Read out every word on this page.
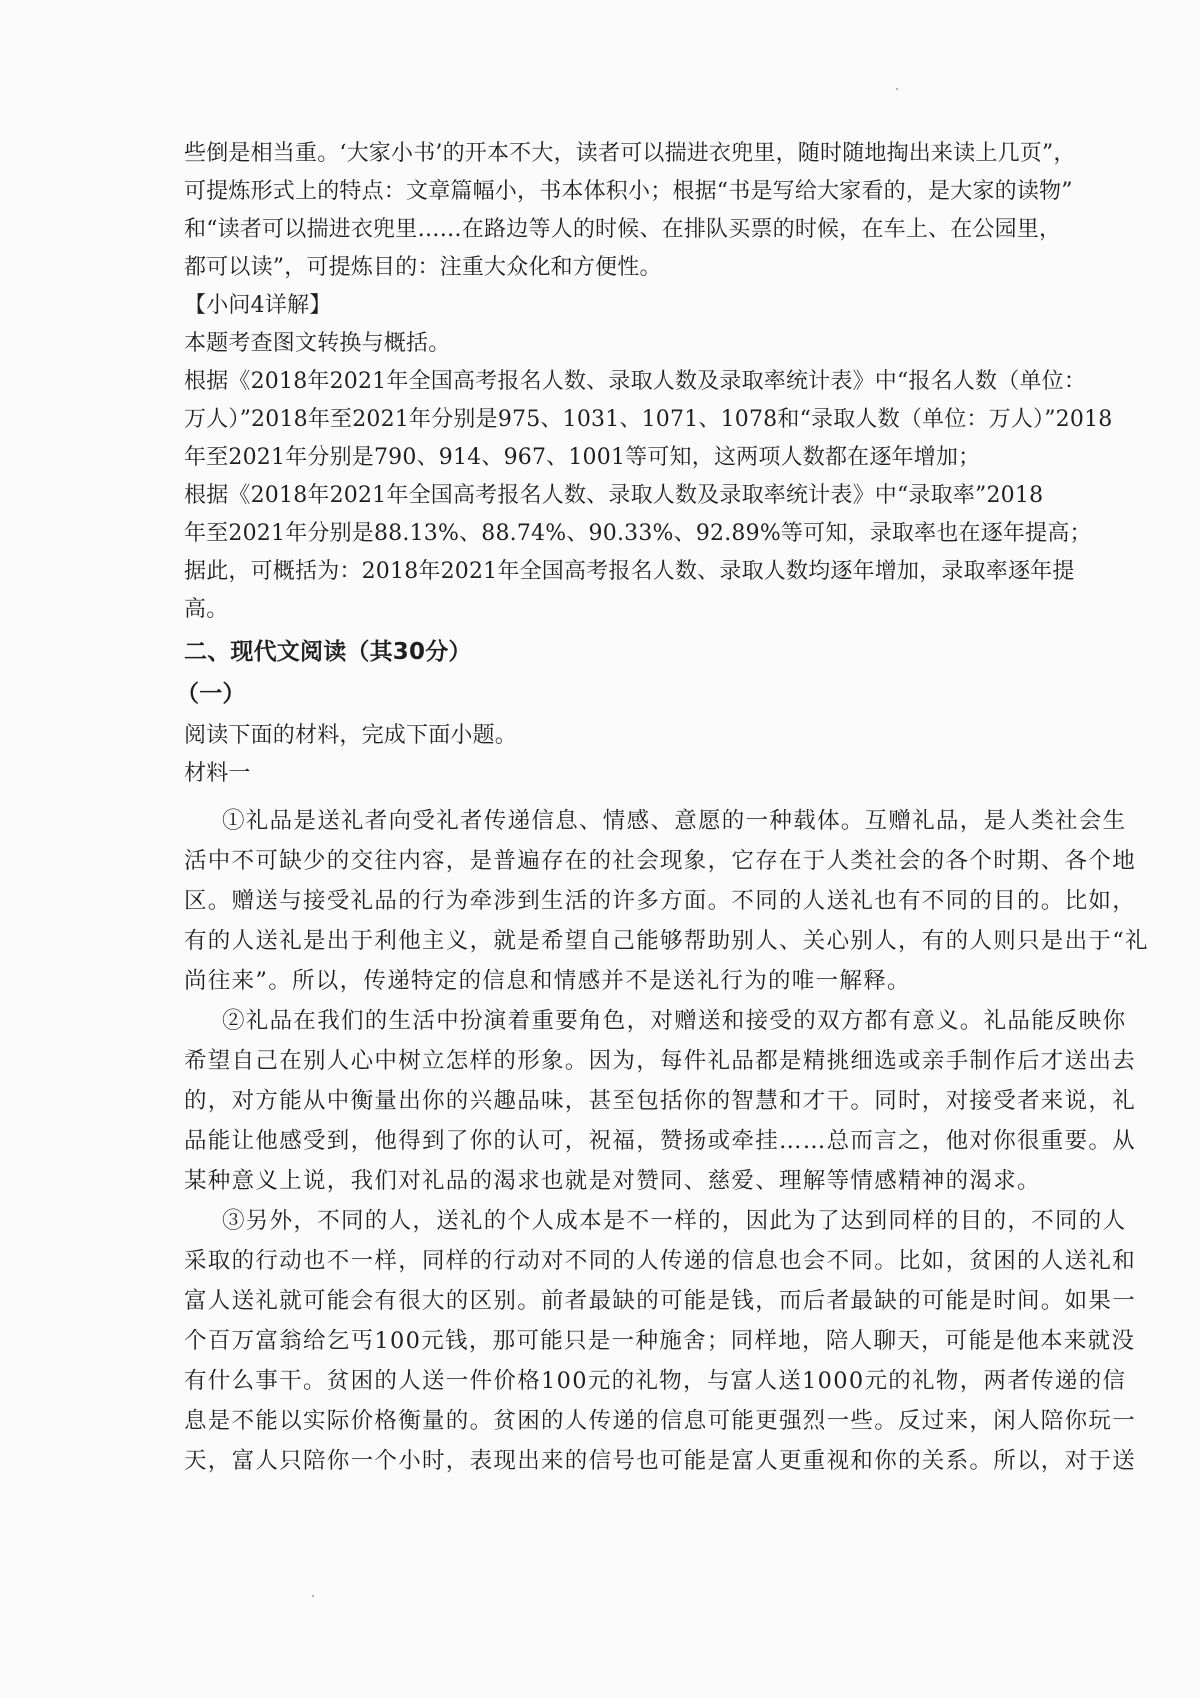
些倒是相当重。‘大家小书’的开本不大，读者可以揣进衣兜里，随时随地掏出来读上几页”，

可提炼形式上的特点：文章篇幅小，书本体积小；根据“书是写给大家看的，是大家的读物”

和“读者可以揣进衣兜里……在路边等人的时候、在排队买票的时候，在车上、在公园里，

都可以读”，可提炼目的：注重大众化和方便性。

【小问4详解】

本题考查图文转换与概括。

根据《2018年2021年全国高考报名人数、录取人数及录取率统计表》中“报名人数（单位：

万人）”2018年至2021年分别是975、1031、1071、1078和“录取人数（单位：万人）”2018

年至2021年分别是790、914、967、1001等可知，这两项人数都在逐年增加；

根据《2018年2021年全国高考报名人数、录取人数及录取率统计表》中“录取率”2018

年至2021年分别是88.13%、88.74%、90.33%、92.89%等可知，录取率也在逐年提高；

据此，可概括为：2018年2021年全国高考报名人数、录取人数均逐年增加，录取率逐年提

高。

二、现代文阅读（其30分）

（一）

阅读下面的材料，完成下面小题。

材料一

①礼品是送礼者向受礼者传递信息、情感、意愿的一种载体。互赠礼品，是人类社会生

活中不可缺少的交往内容，是普遍存在的社会现象，它存在于人类社会的各个时期、各个地

区。赠送与接受礼品的行为牵涉到生活的许多方面。不同的人送礼也有不同的目的。比如，

有的人送礼是出于利他主义，就是希望自己能够帮助别人、关心别人，有的人则只是出于“礼

尚往来”。所以，传递特定的信息和情感并不是送礼行为的唯一解释。

②礼品在我们的生活中扮演着重要角色，对赠送和接受的双方都有意义。礼品能反映你

希望自己在别人心中树立怎样的形象。因为，每件礼品都是精挑细选或亲手制作后才送出去

的，对方能从中衡量出你的兴趣品味，甚至包括你的智慧和才干。同时，对接受者来说，礼

品能让他感受到，他得到了你的认可，祝福，赞扬或牵挂……总而言之，他对你很重要。从

某种意义上说，我们对礼品的渴求也就是对赞同、慈爱、理解等情感精神的渴求。

③另外，不同的人，送礼的个人成本是不一样的，因此为了达到同样的目的，不同的人

采取的行动也不一样，同样的行动对不同的人传递的信息也会不同。比如，贫困的人送礼和

富人送礼就可能会有很大的区别。前者最缺的可能是钱，而后者最缺的可能是时间。如果一

个百万富翁给乞丐100元钱，那可能只是一种施舍；同样地，陪人聊天，可能是他本来就没

有什么事干。贫困的人送一件价格100元的礼物，与富人送1000元的礼物，两者传递的信

息是不能以实际价格衡量的。贫困的人传递的信息可能更强烈一些。反过来，闲人陪你玩一

天，富人只陪你一个小时，表现出来的信号也可能是富人更重视和你的关系。所以，对于送
